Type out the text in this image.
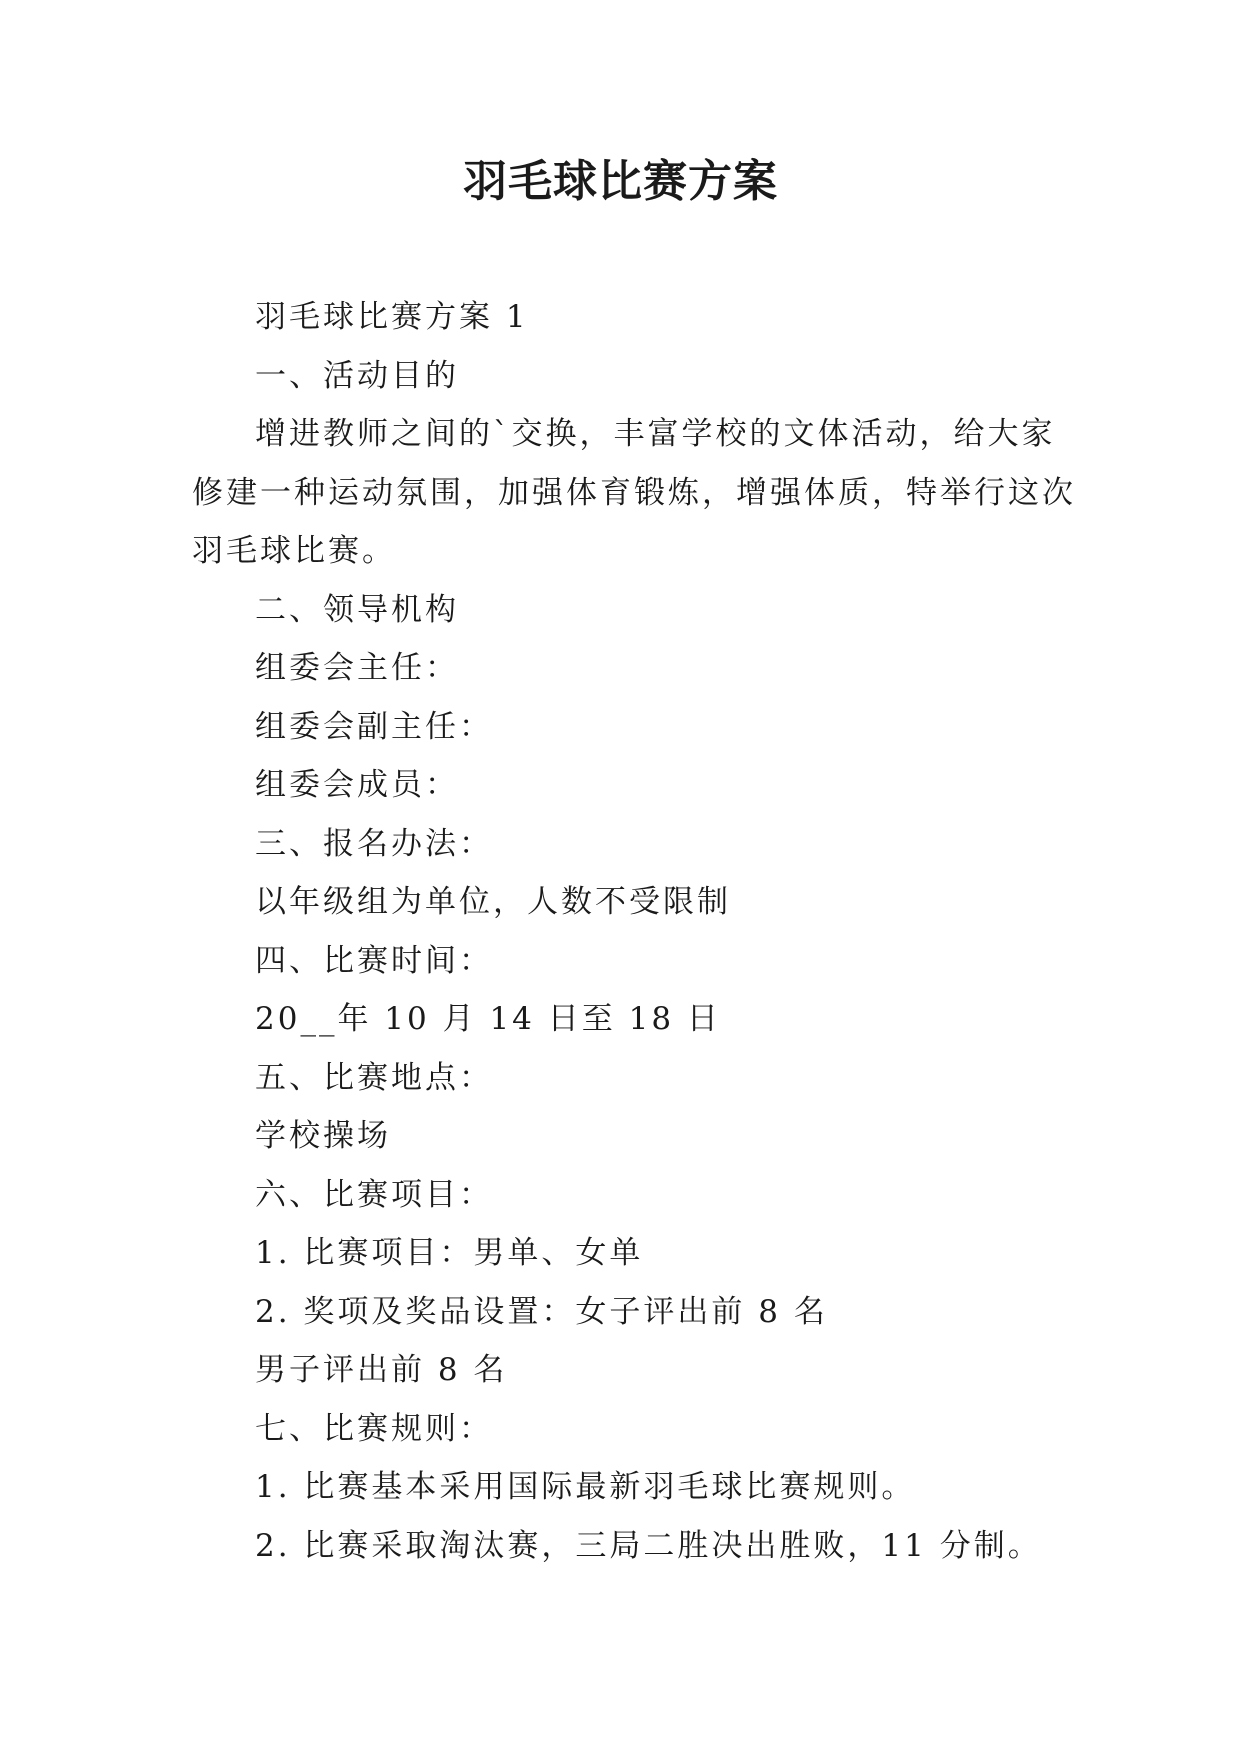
羽毛球比赛方案
羽毛球比赛方案 1
一、活动目的
增进教师之间的`交换，丰富学校的文体活动，给大家
修建一种运动氛围，加强体育锻炼，增强体质，特举行这次
羽毛球比赛。
二、领导机构
组委会主任：
组委会副主任：
组委会成员：
三、报名办法：
以年级组为单位，人数不受限制
四、比赛时间：
20__年 10 月 14 日至 18 日
五、比赛地点：
学校操场
六、比赛项目：
1. 比赛项目：男单、女单
2. 奖项及奖品设置：女子评出前 8 名
男子评出前 8 名
七、比赛规则：
1. 比赛基本采用国际最新羽毛球比赛规则。
2. 比赛采取淘汰赛，三局二胜决出胜败，11 分制。
